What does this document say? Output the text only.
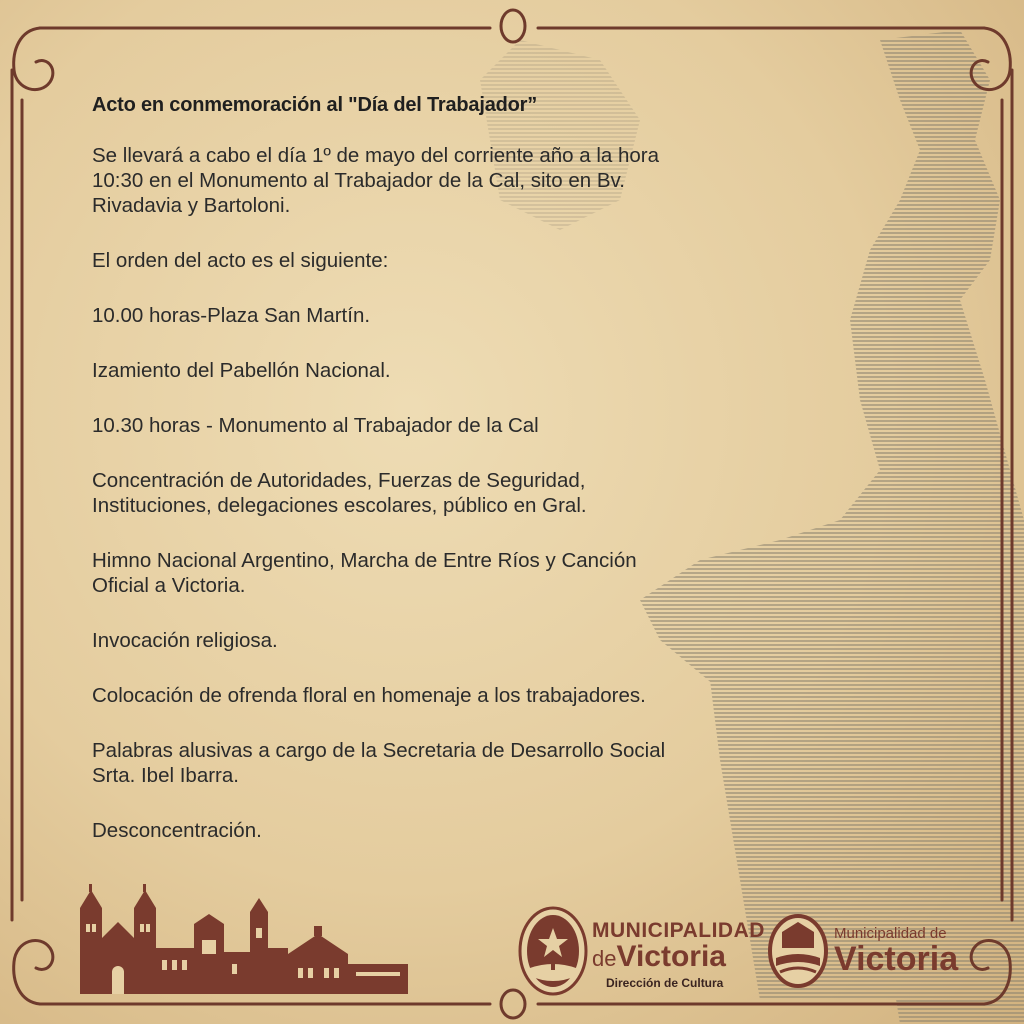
Acto en conmemoración al "Día del Trabajador”
Se llevará a cabo el día 1º de mayo del corriente año a la hora
10:30 en el Monumento al Trabajador de la Cal, sito en Bv.
Rivadavia y Bartoloni.
El orden del acto es el siguiente:
10.00 horas-Plaza San Martín.
Izamiento del Pabellón Nacional.
10.30 horas - Monumento al Trabajador de la Cal
Concentración de Autoridades, Fuerzas de Seguridad,
Instituciones, delegaciones escolares, público en Gral.
Himno Nacional Argentino, Marcha de Entre Ríos y Canción
Oficial a Victoria.
Invocación religiosa.
Colocación de ofrenda floral en homenaje a los trabajadores.
Palabras alusivas a cargo de la Secretaria de Desarrollo Social
Srta. Ibel Ibarra.
Desconcentración.
MUNICIPALIDAD
deVictoria
Dirección de Cultura
Municipalidad de
Victoria
